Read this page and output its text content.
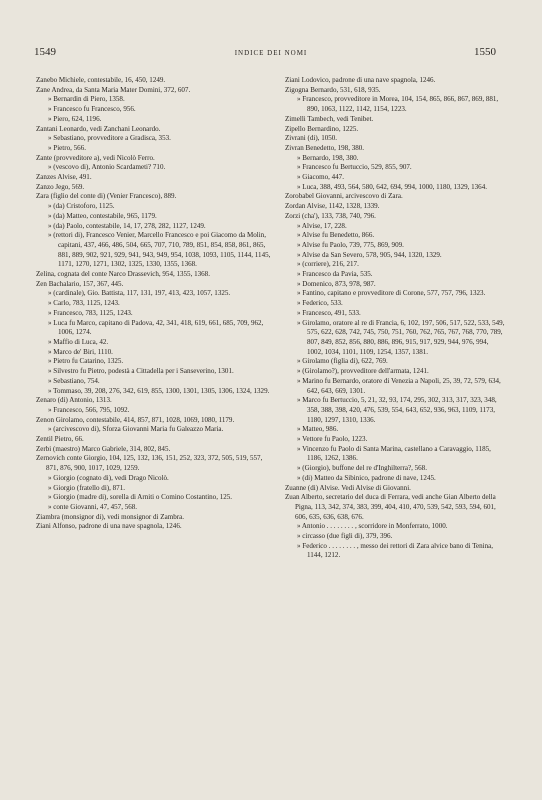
1549	INDICE DEI NOMI	1550
Zanebo Michiele, contestabile, 16, 450, 1249.
Zane Andrea, da Santa Maria Mater Domini, 372, 607.
» Bernardin di Piero, 1358.
» Francesco fu Francesco, 956.
» Piero, 624, 1196.
Zantani Leonardo, vedi Zanchani Leonardo.
» Sebastiano, provveditore a Gradisca, 353.
» Pietro, 566.
Zante (provveditore a), vedi Nicolò Ferro.
» (vescovo di), Antonio Scardameti? 710.
Zanzes Alvise, 491.
Zanzo Jego, 569.
Zara (figlio del conte di) (Venier Francesco), 889.
» (da) Cristoforo, 1125.
» (da) Matteo, contestabile, 965, 1179.
» (da) Paolo, contestabile, 14, 17, 278, 282, 1127, 1249.
» (rettori di), Francesco Venier, Marcello Francesco e poi Giacomo da Molin, capitani, 437, 466, 486, 504, 665, 707, 710, 789, 851, 854, 858, 861, 865, 881, 889, 902, 921, 929, 941, 943, 949, 954, 1038, 1093, 1105, 1144, 1145, 1171, 1270, 1271, 1302, 1325, 1330, 1355, 1368.
Zelina, cognata del conte Narco Drassevich, 954, 1355, 1368.
Zen Bachalario, 157, 367, 445.
» (cardinale), Gio. Battista, 117, 131, 197, 413, 423, 1057, 1325.
» Carlo, 783, 1125, 1243.
» Francesco, 783, 1125, 1243.
» Luca fu Marco, capitano di Padova, 42, 341, 418, 619, 661, 685, 709, 962, 1006, 1274.
» Maffio di Luca, 42.
» Marco de' Biri, 1110.
» Pietro fu Catarino, 1325.
» Silvestro fu Pietro, podestà a Cittadella per i Sanseverino, 1301.
» Sebastiano, 754.
» Tommaso, 39, 208, 276, 342, 619, 855, 1300, 1301, 1305, 1306, 1324, 1329.
Zenaro (di) Antonio, 1313.
» Francesco, 566, 795, 1092.
Zenon Girolamo, contestabile, 414, 857, 871, 1028, 1069, 1080, 1179.
» (arcivescovo di), Sforza Giovanni Maria fu Galeazzo Maria.
Zentil Pietro, 66.
Zerbi (maestro) Marco Gabriele, 314, 802, 845.
Zernovich conte Giorgio, 104, 125, 132, 136, 151, 252, 323, 372, 505, 519, 557, 871, 876, 900, 1017, 1029, 1259.
» Giorgio (cognato di), vedi Drago Nicolò.
» Giorgio (fratello di), 871.
» Giorgio (madre di), sorella di Arniti o Comino Costantino, 125.
» conte Giovanni, 47, 457, 568.
Ziambra (monsignor di), vedi monsignor di Zambra.
Ziani Alfonso, padrone di una nave spagnola, 1246.
Ziani Lodovico, padrone di una nave spagnola, 1246.
Zigogna Bernardo, 531, 618, 935.
» Francesco, provveditore in Morea, 104, 154, 865, 866, 867, 869, 881, 890, 1063, 1122, 1142, 1154, 1223.
Zimelli Tambech, vedi Tenibet.
Zipello Bernardino, 1225.
Zivrani (di), 1050.
Zivran Benedetto, 198, 380.
» Bernardo, 198, 380.
» Francesco fu Bertuccio, 529, 855, 907.
» Giacomo, 447.
» Luca, 388, 493, 564, 580, 642, 694, 994, 1000, 1180, 1329, 1364.
Zorobabel Giovanni, arcivescovo di Zara.
Zordan Alvise, 1142, 1328, 1339.
Zorzi (cha'), 133, 738, 740, 796.
» Alvise, 17, 228.
» Alvise fu Benedetto, 866.
» Alvise fu Paolo, 739, 775, 869, 909.
» Alvise da San Severo, 578, 905, 944, 1320, 1329.
» (corriere), 216, 217.
» Francesco da Pavia, 535.
» Domenico, 873, 978, 987.
» Fantino, capitano e provveditore di Corone, 577, 757, 796, 1323.
» Federico, 533.
» Francesco, 491, 533.
» Girolamo, oratore al re di Francia, 6, 102, 197, 506, 517, 522, 533, 549, 575, 622, 628, 742, 745, 750, 751, 760, 762, 765, 767, 768, 770, 789, 807, 849, 852, 856, 880, 886, 896, 915, 917, 929, 944, 976, 994, 1002, 1034, 1101, 1109, 1254, 1357, 1381.
» Girolamo (figlia di), 622, 769.
» (Girolamo?), provveditore dell'armata, 1241.
» Marino fu Bernardo, oratore di Venezia a Napoli, 25, 39, 72, 579, 634, 642, 643, 669, 1301.
» Marco fu Bertuccio, 5, 21, 32, 93, 174, 295, 302, 313, 317, 323, 348, 358, 388, 398, 420, 476, 539, 554, 643, 652, 936, 963, 1109, 1173, 1180, 1297, 1310, 1336.
» Matteo, 986.
» Vettore fu Paolo, 1223.
» Vincenzo fu Paolo di Santa Marina, castellano a Caravaggio, 1185, 1186, 1262, 1386.
» (Giorgio), buffone del re d'Inghilterra?, 568.
» (di) Matteo da Sibinico, padrone di nave, 1245.
Zuanne (di) Alvise. Vedi Alvise di Giovanni.
Zuan Alberto, secretario del duca di Ferrara, vedi anche Gian Alberto della Pigna, 113, 342, 374, 383, 399, 404, 410, 470, 539, 542, 593, 594, 601, 606, 635, 636, 638, 676.
» Antonio . . . . . . . . , scorridore in Monferrato, 1000.
» circasso (due figli di), 379, 396.
» Federico . . . . . . . . , messo dei rettori di Zara alvice bano di Tenina, 1144, 1212.
